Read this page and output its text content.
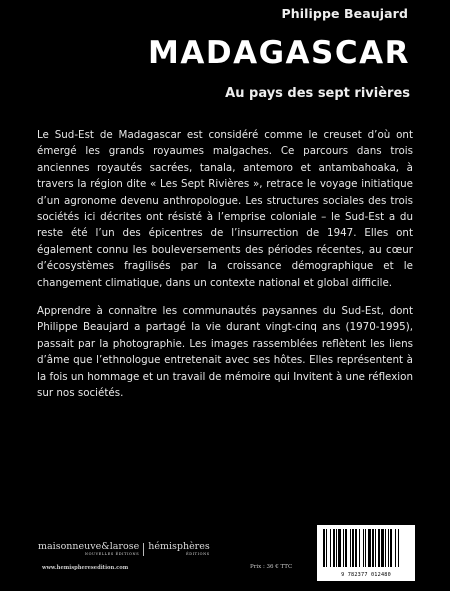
Philippe Beaujard
MADAGASCAR
Au pays des sept rivières

Le Sud-Est de Madagascar est considéré comme le creuset d’où ont émergé les grands royaumes malgaches. Ce parcours dans trois anciennes royautés sacrées, tanala, antemoro et antambahoaka, à travers la région dite « Les Sept Rivières », retrace le voyage initiatique d’un agronome devenu anthropologue. Les structures sociales des trois sociétés ici décrites ont résisté à l’emprise coloniale – le Sud-Est a du reste été l’un des épicentres de l’insurrection de 1947. Elles ont également connu les bouleversements des périodes récentes, au cœur d’écosystèmes fragilisés par la croissance démographique et le changement climatique, dans un contexte national et global difficile.

Apprendre à connaître les communautés paysannes du Sud-Est, dont Philippe Beaujard a partagé la vie durant vingt-cinq ans (1970-1995), passait par la photographie. Les images rassemblées reflètent les liens d’âme que l’ethnologue entretenait avec ses hôtes. Elles représentent à la fois un hommage et un travail de mémoire qui Invitent à une réflexion sur nos sociétés.

maisonneuve&larose
NOUVELLES ÉDITIONS
hémisphères
ÉDITIONS
www.hemispheresedition.com	Prix : 36 € TTC
9 782377 012480
